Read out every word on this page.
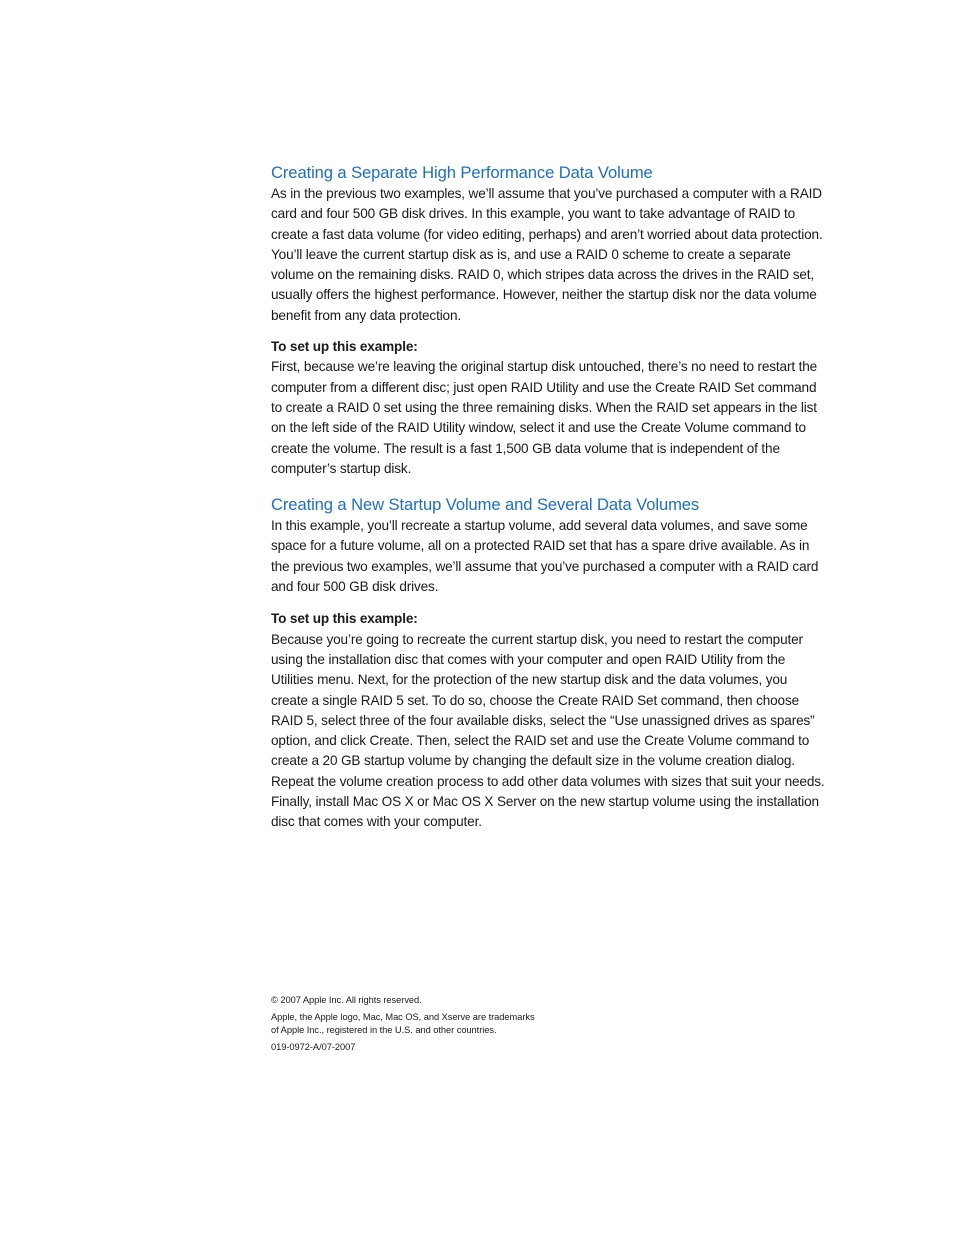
Creating a Separate High Performance Data Volume

As in the previous two examples, we’ll assume that you’ve purchased a computer with a RAID card and four 500 GB disk drives. In this example, you want to take advantage of RAID to create a fast data volume (for video editing, perhaps) and aren’t worried about data protection. You’ll leave the current startup disk as is, and use a RAID 0 scheme to create a separate volume on the remaining disks. RAID 0, which stripes data across the drives in the RAID set, usually offers the highest performance. However, neither the startup disk nor the data volume benefit from any data protection.

To set up this example:

First, because we’re leaving the original startup disk untouched, there’s no need to restart the computer from a different disc; just open RAID Utility and use the Create RAID Set command to create a RAID 0 set using the three remaining disks. When the RAID set appears in the list on the left side of the RAID Utility window, select it and use the Create Volume command to create the volume. The result is a fast 1,500 GB data volume that is independent of the computer’s startup disk.

Creating a New Startup Volume and Several Data Volumes

In this example, you’ll recreate a startup volume, add several data volumes, and save some space for a future volume, all on a protected RAID set that has a spare drive available. As in the previous two examples, we’ll assume that you’ve purchased a computer with a RAID card and four 500 GB disk drives.

To set up this example:

Because you’re going to recreate the current startup disk, you need to restart the computer using the installation disc that comes with your computer and open RAID Utility from the Utilities menu. Next, for the protection of the new startup disk and the data volumes, you create a single RAID 5 set. To do so, choose the Create RAID Set command, then choose RAID 5, select three of the four available disks, select the “Use unassigned drives as spares” option, and click Create. Then, select the RAID set and use the Create Volume command to create a 20 GB startup volume by changing the default size in the volume creation dialog. Repeat the volume creation process to add other data volumes with sizes that suit your needs. Finally, install Mac OS X or Mac OS X Server on the new startup volume using the installation disc that comes with your computer.

© 2007 Apple Inc. All rights reserved.

Apple, the Apple logo, Mac, Mac OS, and Xserve are trademarks

of Apple Inc., registered in the U.S. and other countries.

019-0972-A/07-2007
